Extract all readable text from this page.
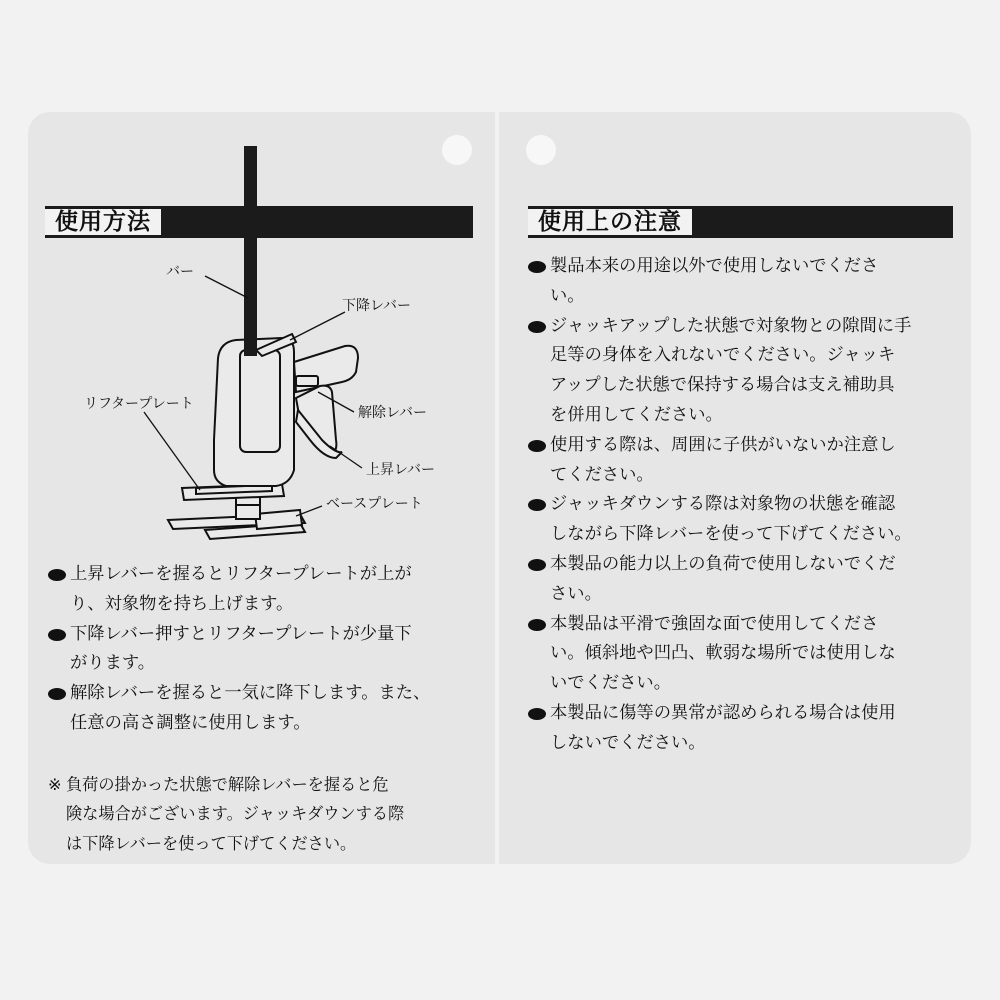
使用方法
バー
下降レバー
リフタープレート
解除レバー
上昇レバー
ベースプレート
上昇レバーを握るとリフタープレートが上が
り、対象物を持ち上げます。
下降レバー押すとリフタープレートが少量下
がります。
解除レバーを握ると一気に降下します。また、
任意の高さ調整に使用します。
※ 負荷の掛かった状態で解除レバーを握ると危
険な場合がございます。ジャッキダウンする際
は下降レバーを使って下げてください。
使用上の注意
製品本来の用途以外で使用しないでくださ
い。
ジャッキアップした状態で対象物との隙間に手
足等の身体を入れないでください。ジャッキ
アップした状態で保持する場合は支え補助具
を併用してください。
使用する際は、周囲に子供がいないか注意し
てください。
ジャッキダウンする際は対象物の状態を確認
しながら下降レバーを使って下げてください。
本製品の能力以上の負荷で使用しないでくだ
さい。
本製品は平滑で強固な面で使用してくださ
い。傾斜地や凹凸、軟弱な場所では使用しな
いでください。
本製品に傷等の異常が認められる場合は使用
しないでください。
